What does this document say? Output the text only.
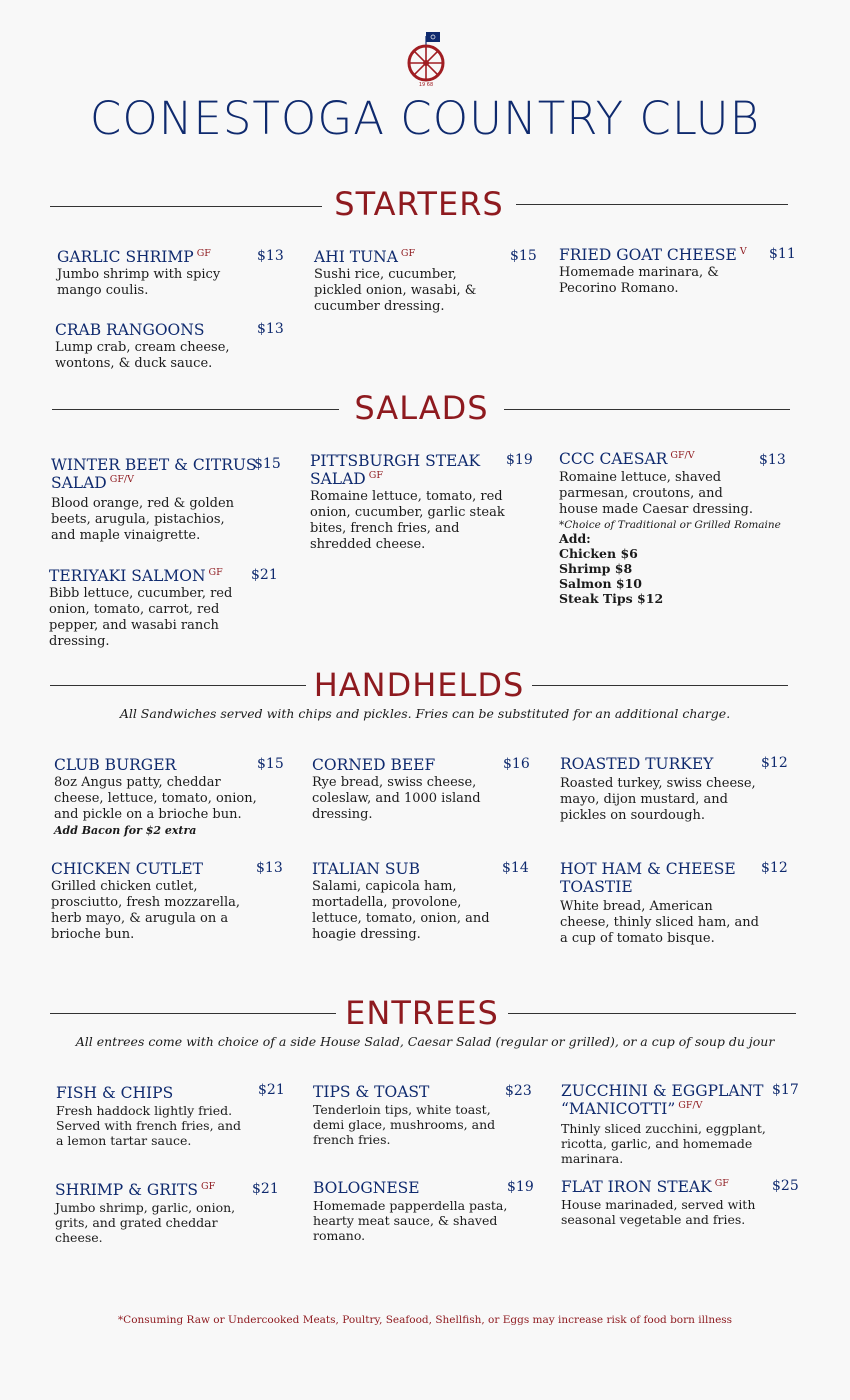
19 68
CONESTOGA COUNTRY CLUB
STARTERS
GARLIC SHRIMP $^{GF}$	$13
Jumbo shrimp with spicy mango coulis.
AHI TUNA $^{GF}$	$15
Sushi rice, cucumber, pickled onion, wasabi, & cucumber dressing.
FRIED GOAT CHEESE $^V$	$11
Homemade marinara, & Pecorino Romano.
CRAB RANGOONS	$13
Lump crab, cream cheese, wontons, & duck sauce.
SALADS
WINTER BEET & CITRUS SALAD $^{GF/V}$
$15
Blood orange, red & golden beets, arugula, pistachios, and maple vinaigrette.
PITTSBURGH STEAK SALAD $^{GF}$
$19
Romaine lettuce, tomato, red onion, cucumber, garlic steak bites, french fries, and shredded cheese.
CCC CAESAR $^{GF/V}$	$13
Romaine lettuce, shaved parmesan, croutons, and house made Caesar dressing.
*Choice of Traditional or Grilled Romaine
Add:
Chicken $6
Shrimp $8
Salmon $10
Steak Tips $12
TERIYAKI SALMON $^{GF}$	$21
Bibb lettuce, cucumber, red onion, tomato, carrot, red pepper, and wasabi ranch dressing.
HANDHELDS
All Sandwiches served with chips and pickles. Fries can be substituted for an additional charge.
CLUB BURGER	$15
8oz Angus patty, cheddar cheese, lettuce, tomato, onion, and pickle on a brioche bun.
Add Bacon for $2 extra
CORNED BEEF	$16
Rye bread, swiss cheese, coleslaw, and 1000 island dressing.
ROASTED TURKEY	$12
Roasted turkey, swiss cheese, mayo, dijon mustard, and pickles on sourdough.
CHICKEN CUTLET	$13
Grilled chicken cutlet, prosciutto, fresh mozzarella, herb mayo, & arugula on a brioche bun.
ITALIAN SUB	$14
Salami, capicola ham, mortadella, provolone, lettuce, tomato, onion, and hoagie dressing.
HOT HAM & CHEESE TOASTIE
$12
White bread, American cheese, thinly sliced ham, and a cup of tomato bisque.
ENTREES
All entrees come with choice of a side House Salad, Caesar Salad (regular or grilled), or a cup of soup du jour
FISH & CHIPS	$21
Fresh haddock lightly fried. Served with french fries, and a lemon tartar sauce.
TIPS & TOAST	$23
Tenderloin tips, white toast, demi glace, mushrooms, and french fries.
ZUCCHINI & EGGPLANT “MANICOTTI” $^{GF/V}$
$17
Thinly sliced zucchini, eggplant, ricotta, garlic, and homemade marinara.
SHRIMP & GRITS $^{GF}$	$21
Jumbo shrimp, garlic, onion, grits, and grated cheddar cheese.
BOLOGNESE	$19
Homemade papperdella pasta, hearty meat sauce, & shaved romano.
FLAT IRON STEAK $^{GF}$	$25
House marinaded, served with seasonal vegetable and fries.
*Consuming Raw or Undercooked Meats, Poultry, Seafood, Shellfish, or Eggs may increase risk of food born illness
